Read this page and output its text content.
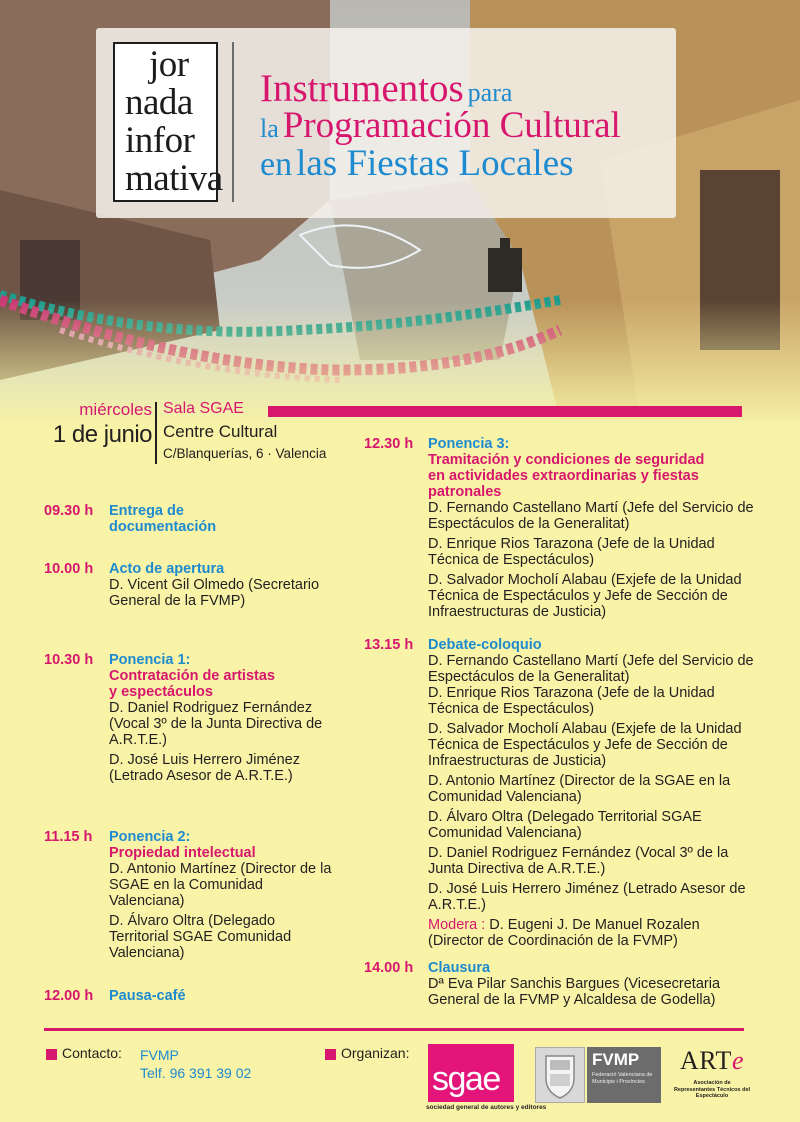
jor
nada
infor
mativa
Instrumentos para
la Programación Cultural
en las Fiestas Locales
miércoles
1 de junio
Sala SGAE
Centre Cultural
C/Blanquerías, 6 · Valencia
09.30 h Entrega de
documentación
10.00 h Acto de apertura
D. Vicent Gil Olmedo (Secretario General de la FVMP)
10.30 h Ponencia 1:
Contratación de artistas
y espectáculos
D. Daniel Rodriguez Fernández (Vocal 3º de la Junta Directiva de A.R.T.E.)
D. José Luis Herrero Jiménez (Letrado Asesor de A.R.T.E.)
11.15 h Ponencia 2:
Propiedad intelectual
D. Antonio Martínez (Director de la SGAE en la Comunidad Valenciana)
D. Álvaro Oltra (Delegado Territorial SGAE Comunidad Valenciana)
12.00 h Pausa-café
12.30 h Ponencia 3:
Tramitación y condiciones de seguridad
en actividades extraordinarias y fiestas
patronales
D. Fernando Castellano Martí (Jefe del Servicio de Espectáculos de la Generalitat)
D. Enrique Rios Tarazona (Jefe de la Unidad Técnica de Espectáculos)
D. Salvador Mocholí Alabau (Exjefe de la Unidad Técnica de Espectáculos y Jefe de Sección de Infraestructuras de Justicia)
13.15 h Debate-coloquio
D. Fernando Castellano Martí (Jefe del Servicio de Espectáculos de la Generalitat)
D. Enrique Rios Tarazona (Jefe de la Unidad Técnica de Espectáculos)
D. Salvador Mocholí Alabau (Exjefe de la Unidad Técnica de Espectáculos y Jefe de Sección de Infraestructuras de Justicia)
D. Antonio Martínez (Director de la SGAE en la Comunidad Valenciana)
D. Álvaro Oltra (Delegado Territorial SGAE Comunidad Valenciana)
D. Daniel Rodriguez Fernández (Vocal 3º de la Junta Directiva de A.R.T.E.)
D. José Luis Herrero Jiménez (Letrado Asesor de A.R.T.E.)
Modera : D. Eugeni J. De Manuel Rozalen (Director de Coordinación de la FVMP)
14.00 h Clausura
Dª Eva Pilar Sanchis Bargues (Vicesecretaria General de la FVMP y Alcaldesa de Godella)
Contacto: FVMP
Telf. 96 391 39 02
Organizan:
sgae
sociedad general de autores y editores
FVMP
Federació Valenciana de Municipis i Províncies
ARTe
Asociación de Representantes Técnicos del Espectáculo
